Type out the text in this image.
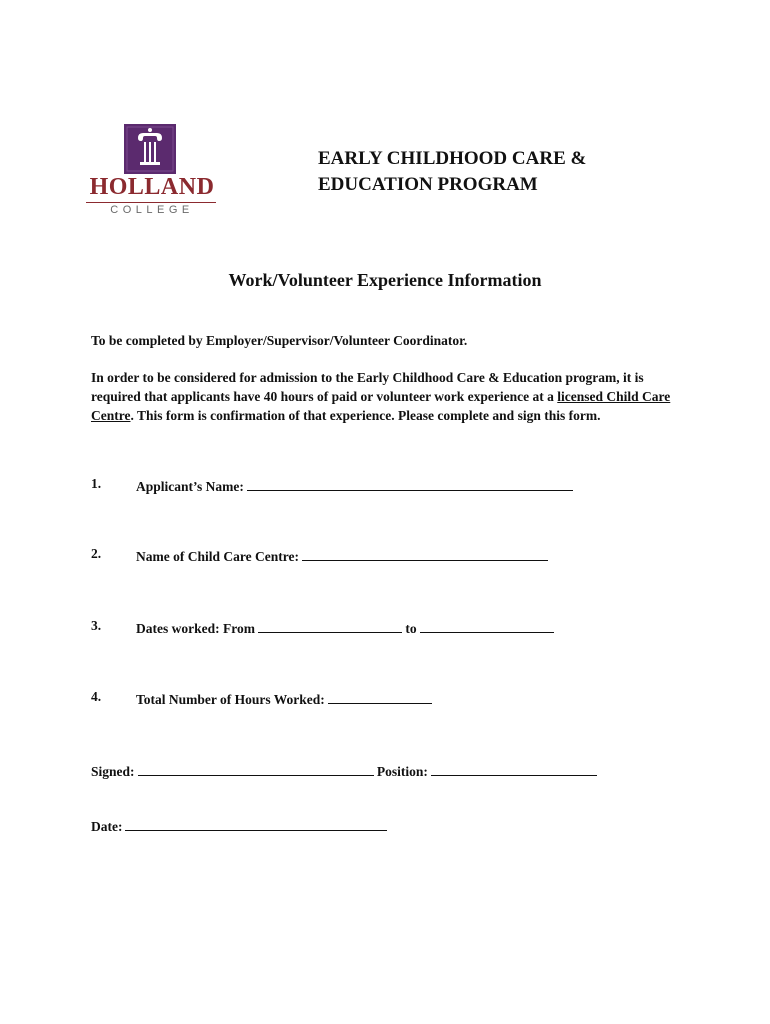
HOLLAND
COLLEGE
EARLY CHILDHOOD CARE &
EDUCATION PROGRAM
Work/Volunteer Experience Information
To be completed by Employer/Supervisor/Volunteer Coordinator.
In order to be considered for admission to the Early Childhood Care & Education program, it is required that applicants have 40 hours of paid or volunteer work experience at a licensed Child Care Centre. This form is confirmation of that experience. Please complete and sign this form.
1.	Applicant’s Name:
2.	Name of Child Care Centre:
3.	Dates worked: From	to
4.	Total Number of Hours Worked:
Signed:	Position:
Date:
